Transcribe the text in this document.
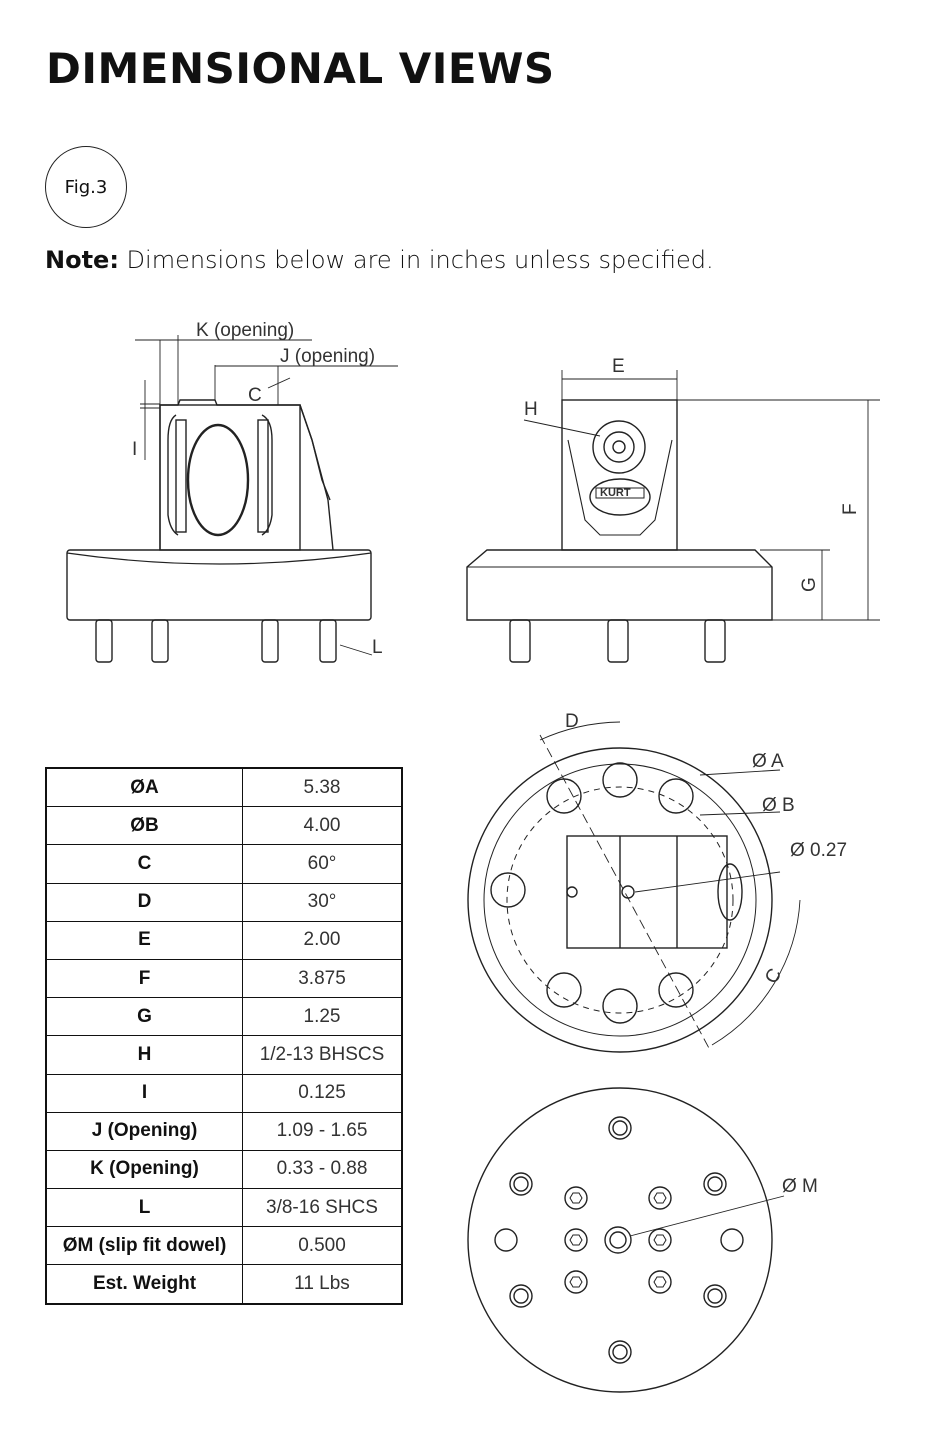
DIMENSIONAL VIEWS
Fig.3
Note: Dimensions below are in inches unless specified.
K (opening)
J (opening)
C
I
L
E
H
KURT
F
G
D
Ø A
Ø B
Ø 0.27
C
Ø M
ØA	5.38
ØB	4.00
C	60°
D	30°
E	2.00
F	3.875
G	1.25
H	1/2-13 BHSCS
I	0.125
J (Opening)	1.09 - 1.65
K (Opening)	0.33 - 0.88
L	3/8-16 SHCS
ØM (slip fit dowel)	0.500
Est. Weight	11 Lbs
